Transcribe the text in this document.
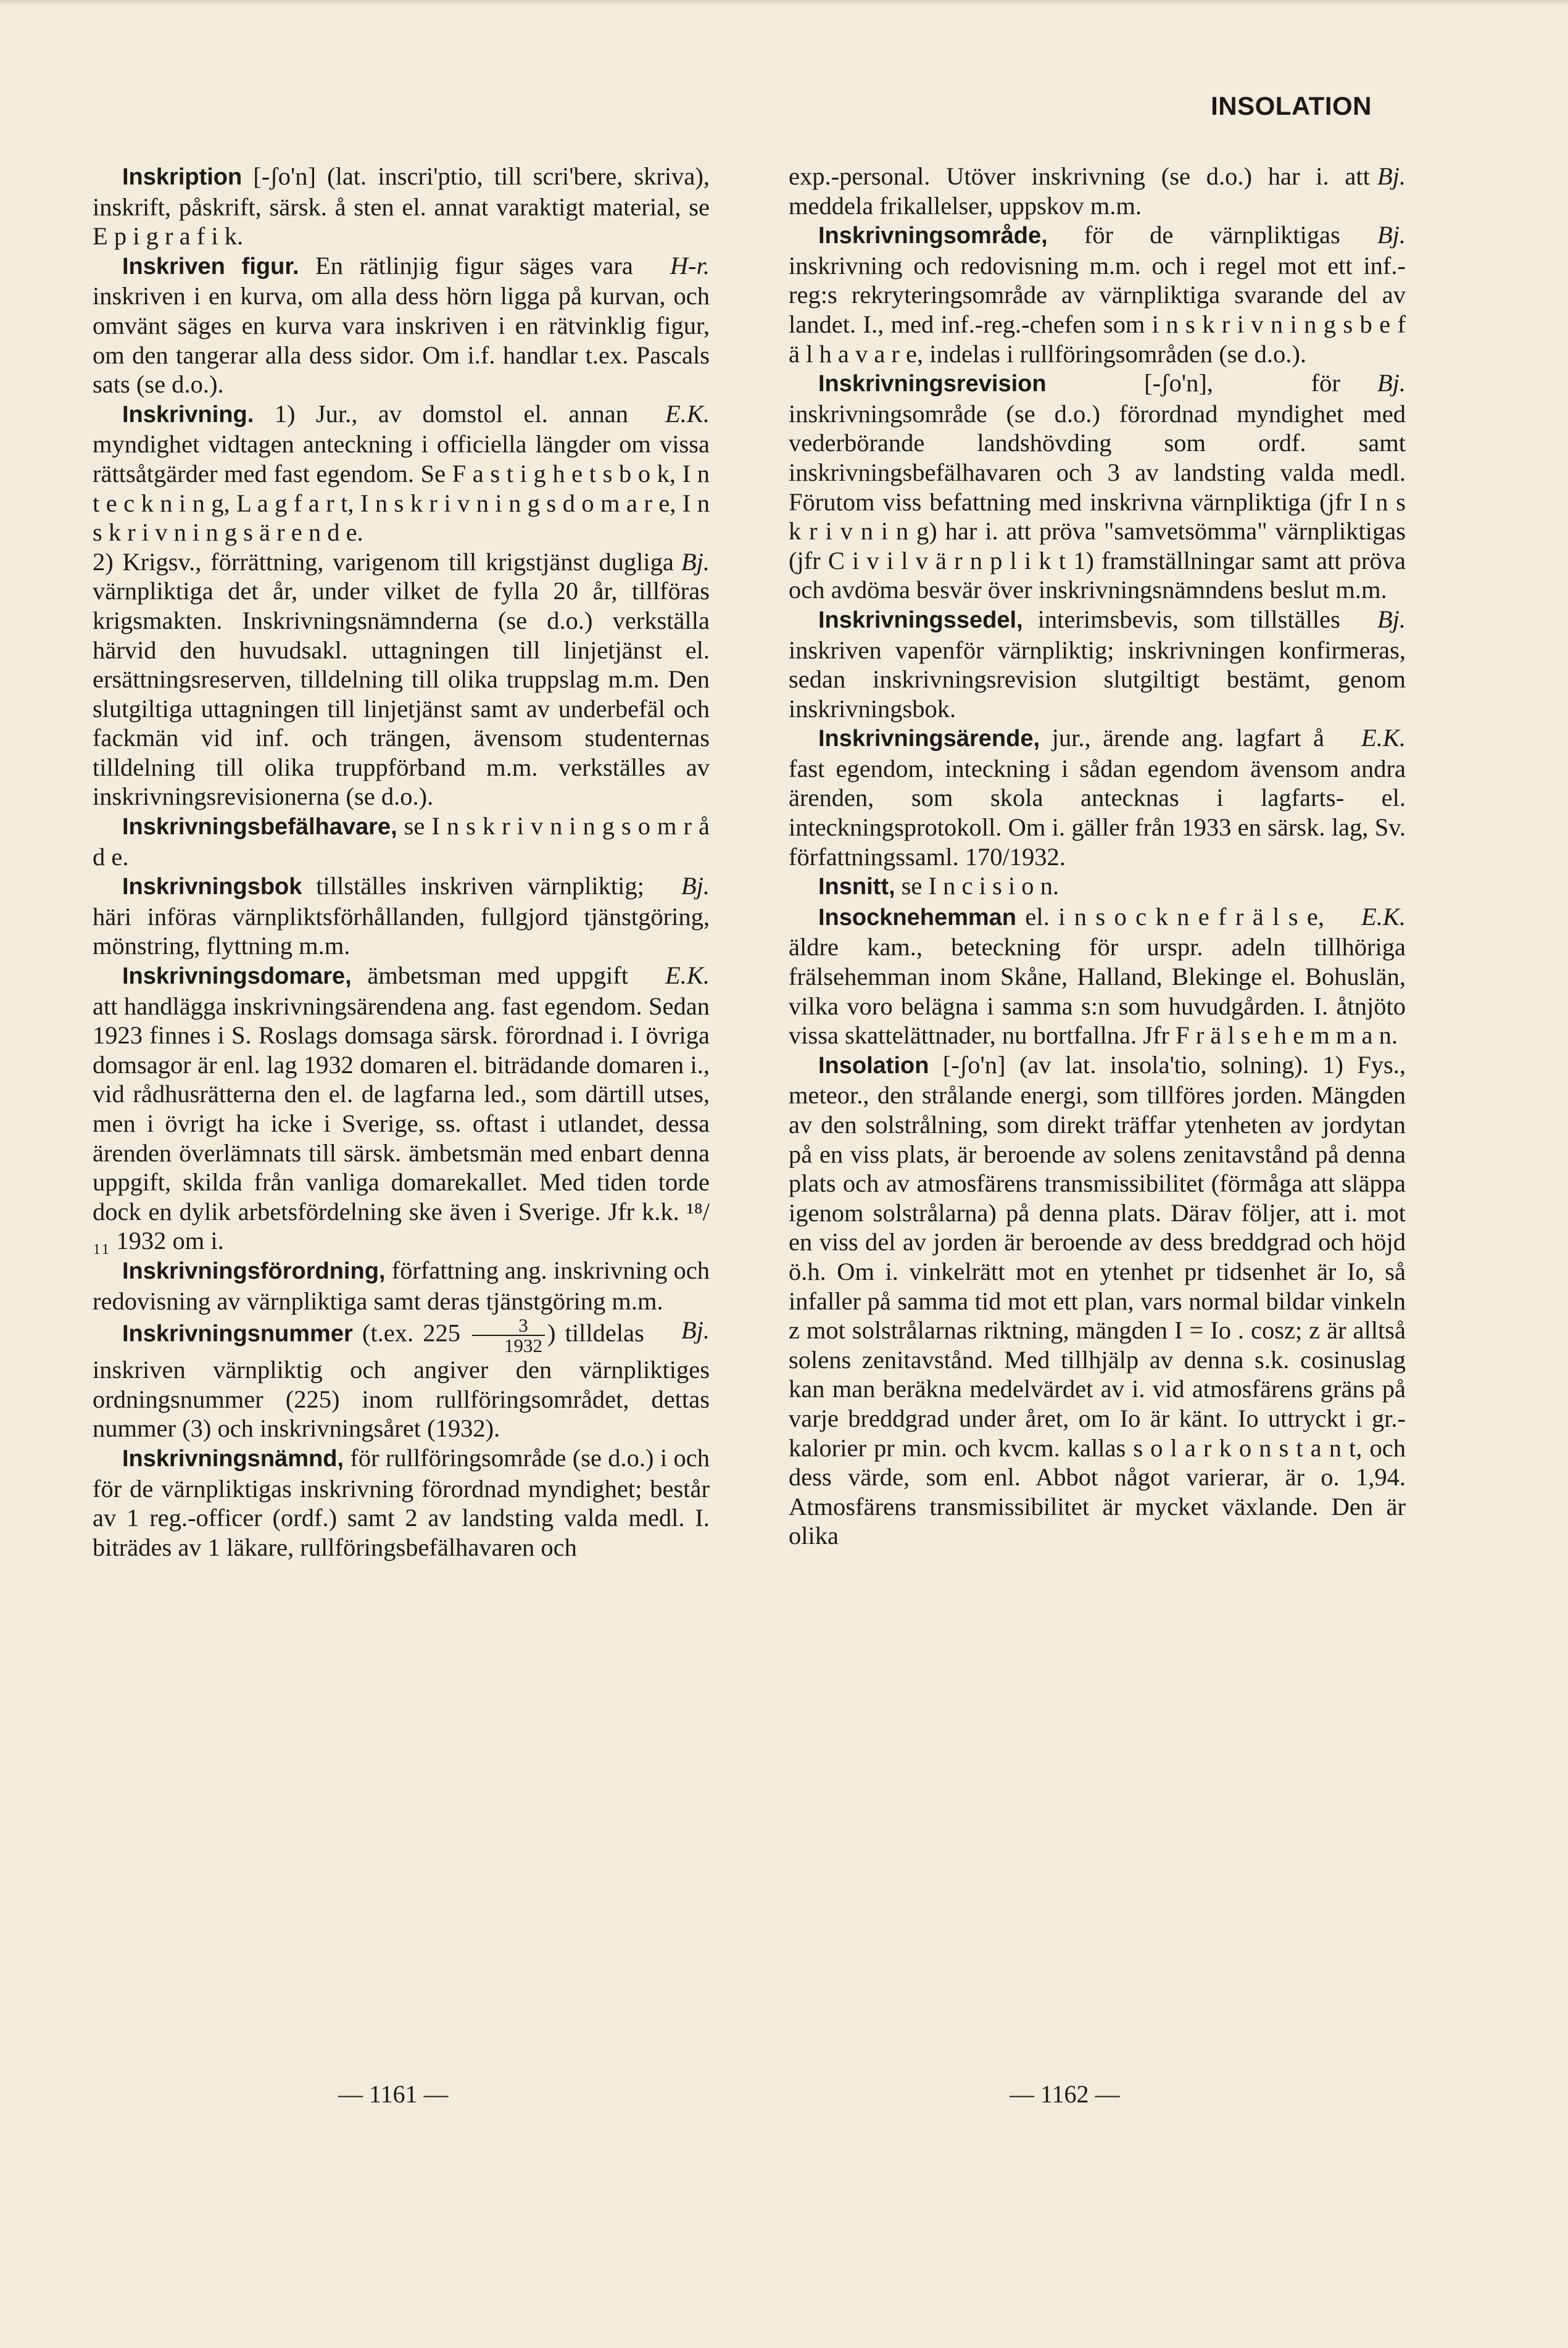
INSOLATION

Inskription [-ʃo'n] (lat. inscri'ptio, till scri'bere, skriva), inskrift, påskrift, särsk. å sten el. annat varaktigt material, se E p i g r a f i k.

Inskriven figur.	H-r.
En rätlinjig figur säges vara inskriven i en kurva, om alla dess hörn ligga på kurvan, och omvänt säges en kurva vara inskriven i en rätvinklig figur, om den tangerar alla dess sidor. Om i.f. handlar t.ex. Pascals sats (se d.o.).

Inskrivning.	E.K.
1) Jur., av domstol el. annan myndighet vidtagen anteckning i officiella längder om vissa rättsåtgärder med fast egendom. Se F a s t i g h e t s b o k, I n t e c k n i n g, L a g f a r t, I n s k r i v n i n g s d o m a r e, I n s k r i v n i n g s ä r e n d e.

Bj.
2) Krigsv., förrättning, varigenom till krigstjänst dugliga värnpliktiga det år, under vilket de fylla 20 år, tillföras krigsmakten. Inskrivningsnämnderna (se d.o.) verkställa härvid den huvudsakl. uttagningen till linjetjänst el. ersättningsreserven, tilldelning till olika truppslag m.m. Den slutgiltiga uttagningen till linjetjänst samt av underbefäl och fackmän vid inf. och trängen, ävensom studenternas tilldelning till olika truppförband m.m. verkställes av inskrivningsrevisionerna (se d.o.).

Inskrivningsbefälhavare, se I n s k r i v n i n g s o m r å d e.

Inskrivningsbok	Bj.
tillställes inskriven värnpliktig; häri införas värnpliktsförhållanden, fullgjord tjänstgöring, mönstring, flyttning m.m.

Inskrivningsdomare,	E.K.
ämbetsman med uppgift att handlägga inskrivningsärendena ang. fast egendom. Sedan 1923 finnes i S. Roslags domsaga särsk. förordnad i. I övriga domsagor är enl. lag 1932 domaren el. biträdande domaren i., vid rådhusrätterna den el. de lagfarna led., som därtill utses, men i övrigt ha icke i Sverige, ss. oftast i utlandet, dessa ärenden överlämnats till särsk. ämbetsmän med enbart denna uppgift, skilda från vanliga domarekallet. Med tiden torde dock en dylik arbetsfördelning ske även i Sverige. Jfr k.k. ¹⁸/₁₁ 1932 om i.

Inskrivningsförordning, författning ang. inskrivning och redovisning av värnpliktiga samt deras tjänstgöring m.m.

Inskrivningsnummer (t.ex. $225 \frac{3}{1932}$	Bj.
) tilldelas inskriven värnpliktig och angiver den värnpliktiges ordningsnummer (225) inom rullföringsområdet, dettas nummer (3) och inskrivningsåret (1932).

Inskrivningsnämnd, för rullföringsområde (se d.o.) i och för de värnpliktigas inskrivning förordnad myndighet; består av 1 reg.-officer (ordf.) samt 2 av landsting valda medl. I. biträdes av 1 läkare, rullföringsbefälhavaren och

Bj.
exp.-personal. Utöver inskrivning (se d.o.) har i. att meddela frikallelser, uppskov m.m.

Inskrivningsområde,	Bj.
för de värnpliktigas inskrivning och redovisning m.m. och i regel mot ett inf.-reg:s rekryteringsområde av värnpliktiga svarande del av landet. I., med inf.-reg.-chefen som i n s k r i v n i n g s b e f ä l h a v a r e, indelas i rullföringsområden (se d.o.).

Inskrivningsrevision	Bj.
[-ʃo'n], för inskrivningsområde (se d.o.) förordnad myndighet med vederbörande landshövding som ordf. samt inskrivningsbefälhavaren och 3 av landsting valda medl. Förutom viss befattning med inskrivna värnpliktiga (jfr I n s k r i v n i n g) har i. att pröva "samvetsömma" värnpliktigas (jfr C i v i l v ä r n p l i k t 1) framställningar samt att pröva och avdöma besvär över inskrivningsnämndens beslut m.m.

Inskrivningssedel,	Bj.
interimsbevis, som tillställes inskriven vapenför värnpliktig; inskrivningen konfirmeras, sedan inskrivningsrevision slutgiltigt bestämt, genom inskrivningsbok.

Inskrivningsärende,	E.K.
jur., ärende ang. lagfart å fast egendom, inteckning i sådan egendom ävensom andra ärenden, som skola antecknas i lagfarts- el. inteckningsprotokoll. Om i. gäller från 1933 en särsk. lag, Sv. författningssaml. 170/1932.

Insnitt, se I n c i s i o n.

Insocknehemman	E.K.
el. i n s o c k n e f r ä l s e, äldre kam., beteckning för urspr. adeln tillhöriga frälsehemman inom Skåne, Halland, Blekinge el. Bohuslän, vilka voro belägna i samma s:n som huvudgården. I. åtnjöto vissa skattelättnader, nu bortfallna. Jfr F r ä l s e h e m m a n.

Insolation [-ʃo'n] (av lat. insola'tio, solning). 1) Fys., meteor., den strålande energi, som tillföres jorden. Mängden av den solstrålning, som direkt träffar ytenheten av jordytan på en viss plats, är beroende av solens zenitavstånd på denna plats och av atmosfärens transmissibilitet (förmåga att släppa igenom solstrålarna) på denna plats. Därav följer, att i. mot en viss del av jorden är beroende av dess breddgrad och höjd ö.h. Om i. vinkelrätt mot en ytenhet pr tidsenhet är Io, så infaller på samma tid mot ett plan, vars normal bildar vinkeln z mot solstrålarnas riktning, mängden I = Io . cosz; z är alltså solens zenitavstånd. Med tillhjälp av denna s.k. cosinuslag kan man beräkna medelvärdet av i. vid atmosfärens gräns på varje breddgrad under året, om Io är känt. Io uttryckt i gr.-kalorier pr min. och kvcm. kallas s o l a r k o n s t a n t, och dess värde, som enl. Abbot något varierar, är o. 1,94. Atmosfärens transmissibilitet är mycket växlande. Den är olika

— 1161 —	— 1162 —
